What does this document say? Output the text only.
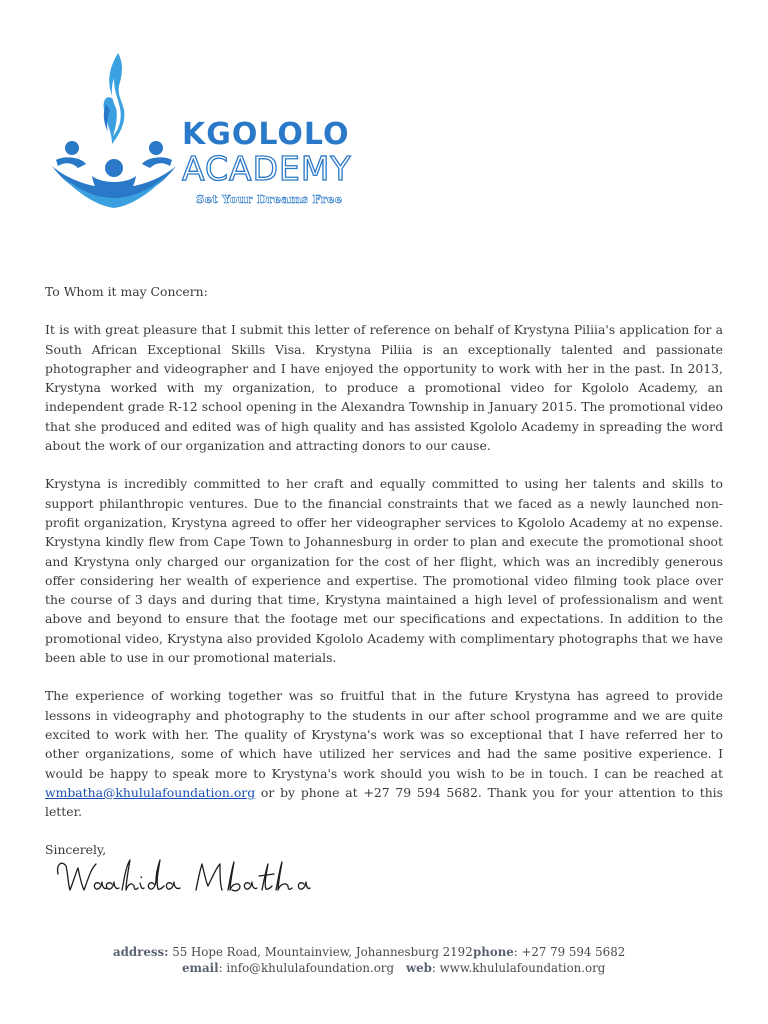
KGOLOLO
ACADEMY
Set Your Dreams Free

To Whom it may Concern:

It is with great pleasure that I submit this letter of reference on behalf of Krystyna Piliia's application for a South African Exceptional Skills Visa. Krystyna Piliia is an exceptionally talented and passionate photographer and videographer and I have enjoyed the opportunity to work with her in the past. In 2013, Krystyna worked with my organization, to produce a promotional video for Kgololo Academy, an independent grade R-12 school opening in the Alexandra Township in January 2015. The promotional video that she produced and edited was of high quality and has assisted Kgololo Academy in spreading the word about the work of our organization and attracting donors to our cause.

Krystyna is incredibly committed to her craft and equally committed to using her talents and skills to support philanthropic ventures. Due to the financial constraints that we faced as a newly launched non-profit organization, Krystyna agreed to offer her videographer services to Kgololo Academy at no expense. Krystyna kindly flew from Cape Town to Johannesburg in order to plan and execute the promotional shoot and Krystyna only charged our organization for the cost of her flight, which was an incredibly generous offer considering her wealth of experience and expertise. The promotional video filming took place over the course of 3 days and during that time, Krystyna maintained a high level of professionalism and went above and beyond to ensure that the footage met our specifications and expectations. In addition to the promotional video, Krystyna also provided Kgololo Academy with complimentary photographs that we have been able to use in our promotional materials.

The experience of working together was so fruitful that in the future Krystyna has agreed to provide lessons in videography and photography to the students in our after school programme and we are quite excited to work with her. The quality of Krystyna's work was so exceptional that I have referred her to other organizations, some of which have utilized her services and had the same positive experience. I would be happy to speak more to Krystyna's work should you wish to be in touch. I can be reached at wmbatha@khululafoundation.org or by phone at +27 79 594 5682. Thank you for your attention to this letter.

Sincerely,

address: 55 Hope Road, Mountainview, Johannesburg 2192 phone: +27 79 594 5682
email: info@khululafoundation.org web: www.khululafoundation.org
